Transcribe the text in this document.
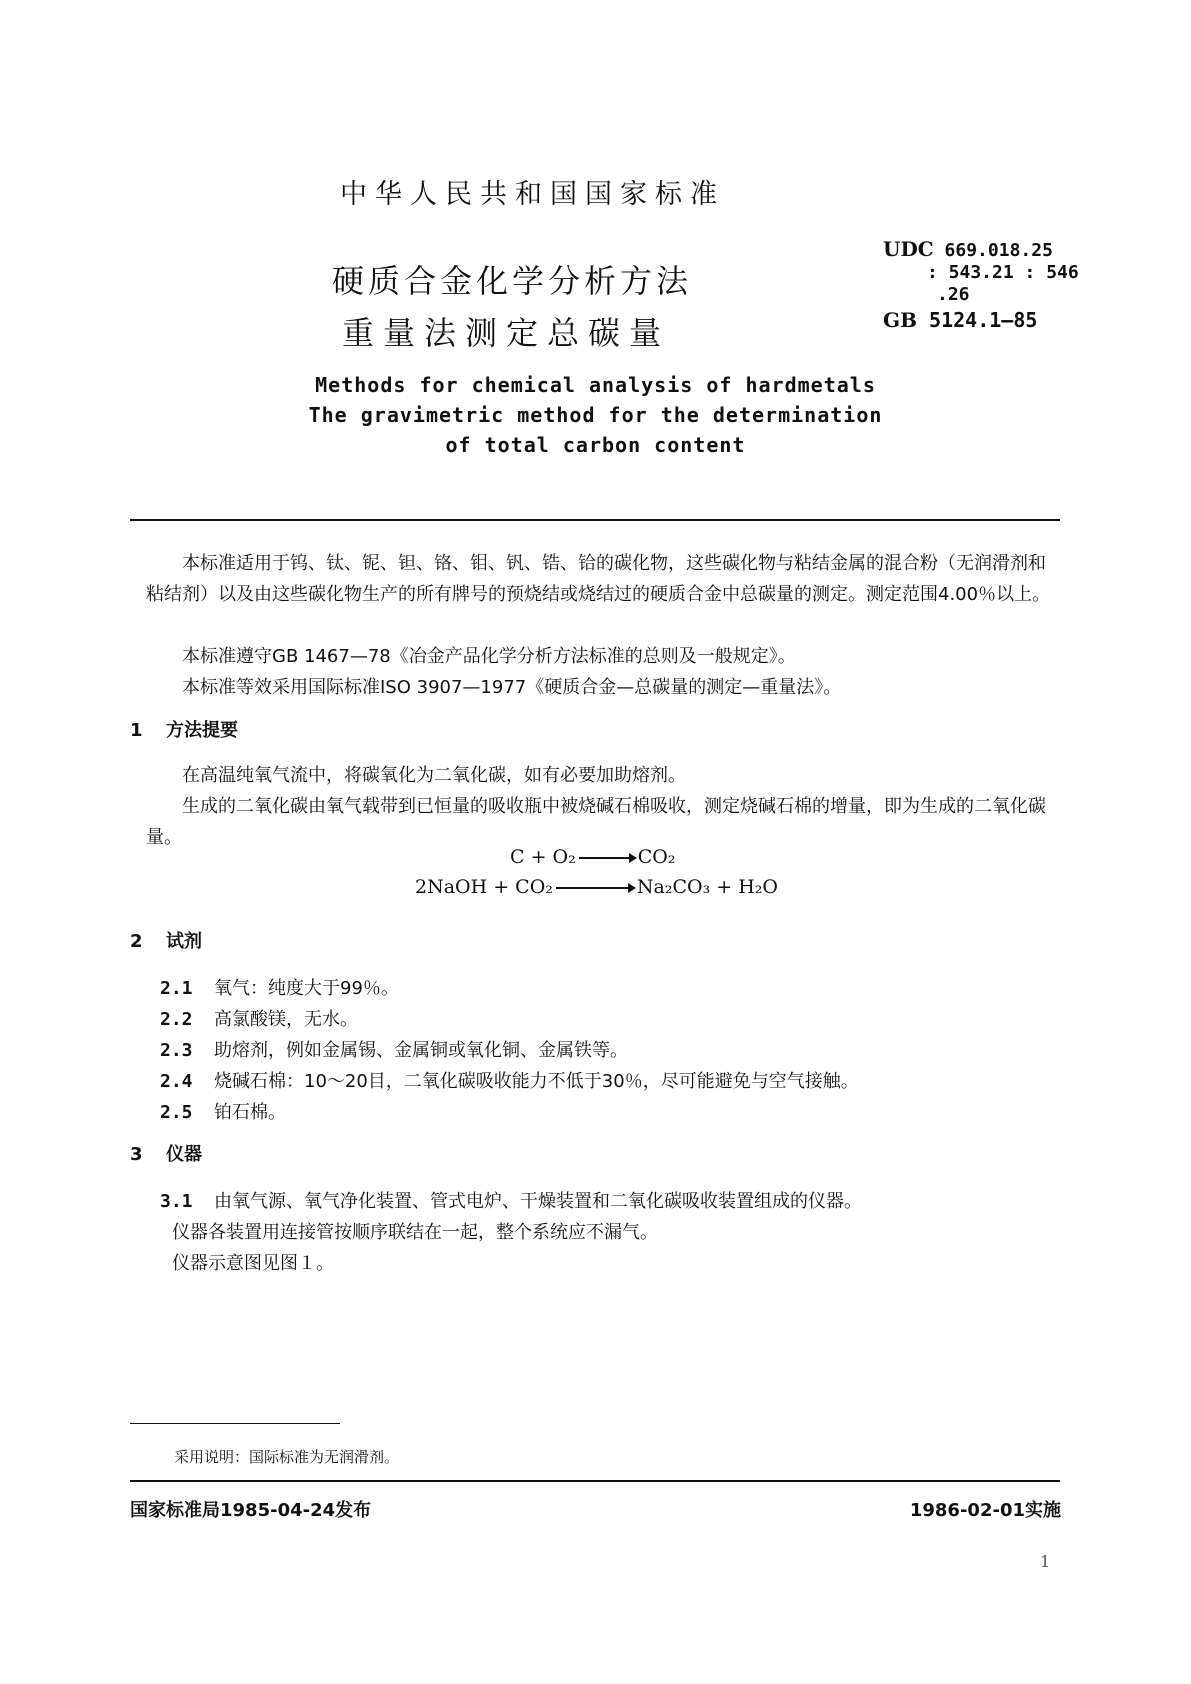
中华人民共和国国家标准
硬质合金化学分析方法
重量法测定总碳量
UDC 669.018.25
: 543.21 : 546
.26
GB 5124.1—85
Methods for chemical analysis of hardmetals
The gravimetric method for the determination
of total carbon content
本标准适用于钨、钛、铌、钽、铬、钼、钒、锆、铪的碳化物，这些碳化物与粘结金属的混合粉（无润滑剂和粘结剂）以及由这些碳化物生产的所有牌号的预烧结或烧结过的硬质合金中总碳量的测定。测定范围4.00％以上。
本标准遵守GB 1467—78《冶金产品化学分析方法标准的总则及一般规定》。
本标准等效采用国际标准ISO 3907—1977《硬质合金—总碳量的测定—重量法》。
1 方法提要
在高温纯氧气流中，将碳氧化为二氧化碳，如有必要加助熔剂。
生成的二氧化碳由氧气载带到已恒量的吸收瓶中被烧碱石棉吸收，测定烧碱石棉的增量，即为生成的二氧化碳量。
C + O₂ → CO₂
2NaOH + CO₂	Na₂CO₃ + H₂O
2 试剂
2.1 氧气：纯度大于99％。
2.2 高氯酸镁，无水。
2.3 助熔剂，例如金属锡、金属铜或氧化铜、金属铁等。
2.4 烧碱石棉：10～20目，二氧化碳吸收能力不低于30％，尽可能避免与空气接触。
2.5 铂石棉。
3 仪器
3.1 由氧气源、氧气净化装置、管式电炉、干燥装置和二氧化碳吸收装置组成的仪器。
仪器各装置用连接管按顺序联结在一起，整个系统应不漏气。
仪器示意图见图１。
采用说明：国际标准为无润滑剂。
国家标准局1985-04-24发布	1986-02-01实施
1
